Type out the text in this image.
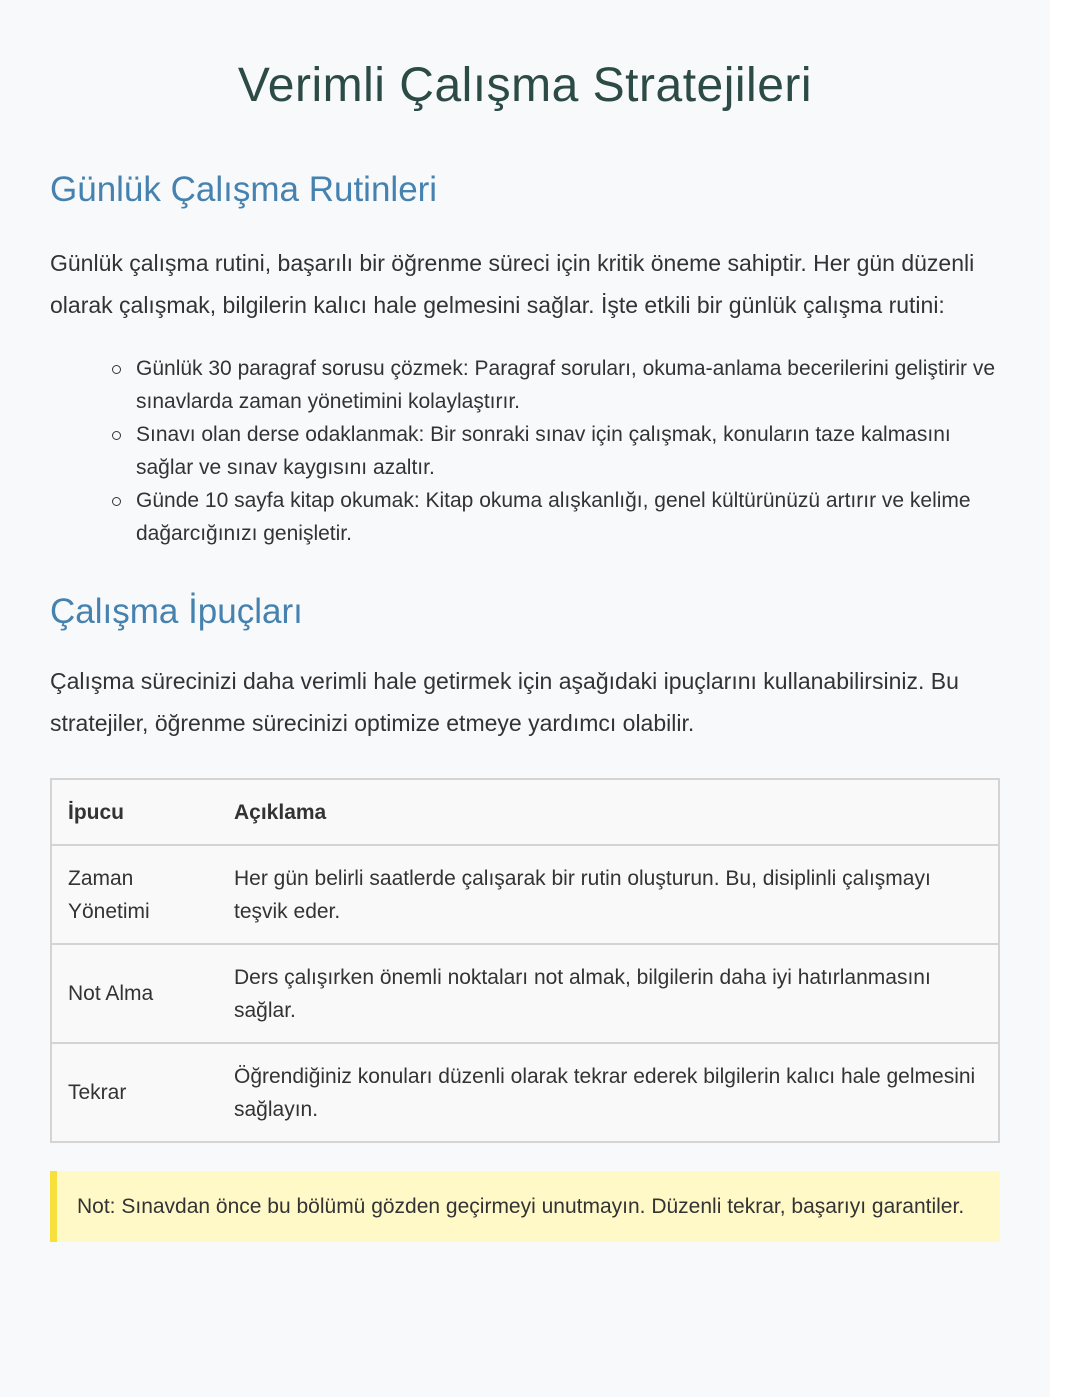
Verimli Çalışma Stratejileri
Günlük Çalışma Rutinleri

Günlük çalışma rutini, başarılı bir öğrenme süreci için kritik öneme sahiptir. Her gün düzenli olarak çalışmak, bilgilerin kalıcı hale gelmesini sağlar. İşte etkili bir günlük çalışma rutini:

Günlük 30 paragraf sorusu çözmek: Paragraf soruları, okuma-anlama becerilerini geliştirir ve sınavlarda zaman yönetimini kolaylaştırır.
Sınavı olan derse odaklanmak: Bir sonraki sınav için çalışmak, konuların taze kalmasını sağlar ve sınav kaygısını azaltır.
Günde 10 sayfa kitap okumak: Kitap okuma alışkanlığı, genel kültürünüzü artırır ve kelime dağarcığınızı genişletir.
Çalışma İpuçları

Çalışma sürecinizi daha verimli hale getirmek için aşağıdaki ipuçlarını kullanabilirsiniz. Bu stratejiler, öğrenme sürecinizi optimize etmeye yardımcı olabilir.

İpucu	Açıklama
Zaman Yönetimi	Her gün belirli saatlerde çalışarak bir rutin oluşturun. Bu, disiplinli çalışmayı teşvik eder.
Not Alma	Ders çalışırken önemli noktaları not almak, bilgilerin daha iyi hatırlanmasını sağlar.
Tekrar	Öğrendiğiniz konuları düzenli olarak tekrar ederek bilgilerin kalıcı hale gelmesini sağlayın.
Not: Sınavdan önce bu bölümü gözden geçirmeyi unutmayın. Düzenli tekrar, başarıyı garantiler.
